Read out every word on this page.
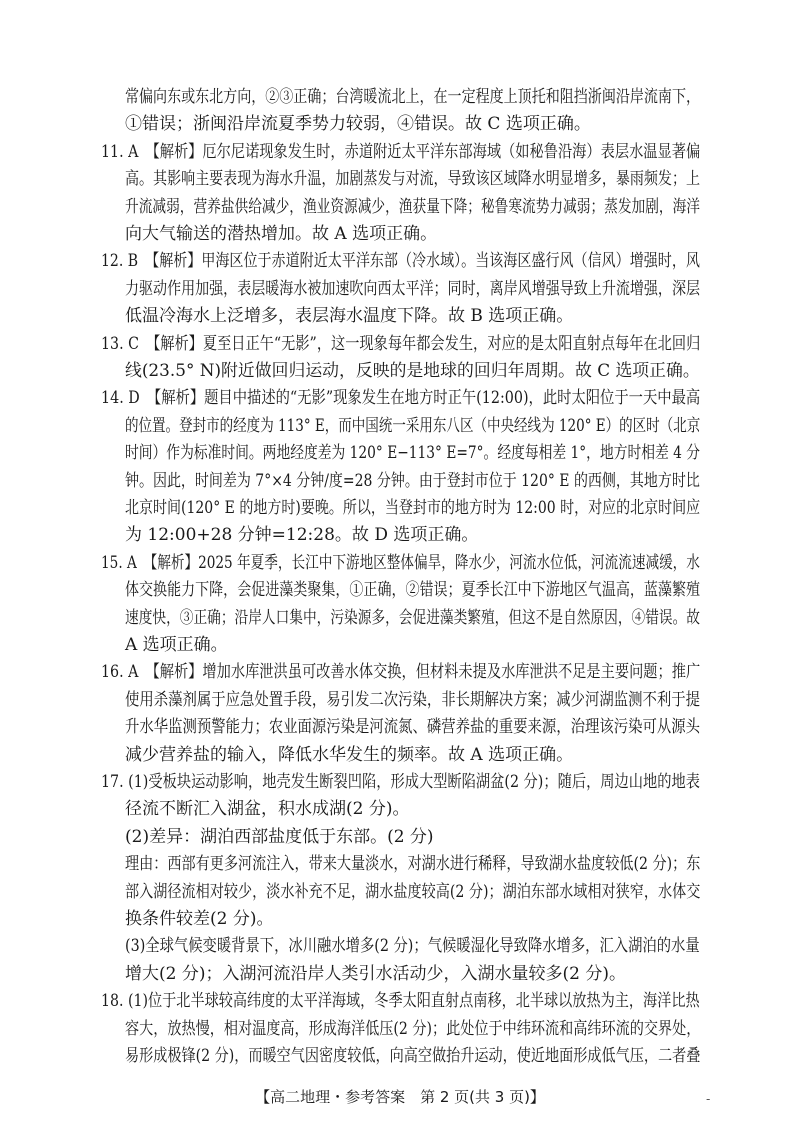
常偏向东或东北方向，②③正确；台湾暖流北上，在一定程度上顶托和阻挡浙闽沿岸流南下，
①错误；浙闽沿岸流夏季势力较弱，④错误。故 C 选项正确。
11. A　【解析】厄尔尼诺现象发生时，赤道附近太平洋东部海域（如秘鲁沿海）表层水温显著偏
高。其影响主要表现为海水升温，加剧蒸发与对流，导致该区域降水明显增多，暴雨频发；上
升流减弱，营养盐供给减少，渔业资源减少，渔获量下降；秘鲁寒流势力减弱；蒸发加剧，海洋
向大气输送的潜热增加。故 A 选项正确。
12. B　【解析】甲海区位于赤道附近太平洋东部（冷水域）。当该海区盛行风（信风）增强时，风
力驱动作用加强，表层暖海水被加速吹向西太平洋；同时，离岸风增强导致上升流增强，深层
低温冷海水上泛增多，表层海水温度下降。故 B 选项正确。
13. C　【解析】夏至日正午“无影”，这一现象每年都会发生，对应的是太阳直射点每年在北回归
线(23.5° N)附近做回归运动，反映的是地球的回归年周期。故 C 选项正确。
14. D　【解析】题目中描述的“无影”现象发生在地方时正午(12:00)，此时太阳位于一天中最高
的位置。登封市的经度为 113° E，而中国统一采用东八区（中央经线为 120° E）的区时（北京
时间）作为标准时间。两地经度差为 120° E−113° E=7°。经度每相差 1°，地方时相差 4 分
钟。因此，时间差为 7°×4 分钟/度=28 分钟。由于登封市位于 120° E 的西侧，其地方时比
北京时间(120° E 的地方时)要晚。所以，当登封市的地方时为 12:00 时，对应的北京时间应
为 12:00+28 分钟=12:28。故 D 选项正确。
15. A　【解析】2025 年夏季，长江中下游地区整体偏旱，降水少，河流水位低，河流流速减缓，水
体交换能力下降，会促进藻类聚集，①正确，②错误；夏季长江中下游地区气温高，蓝藻繁殖
速度快，③正确；沿岸人口集中，污染源多，会促进藻类繁殖，但这不是自然原因，④错误。故
A 选项正确。
16. A　【解析】增加水库泄洪虽可改善水体交换，但材料未提及水库泄洪不足是主要问题；推广
使用杀藻剂属于应急处置手段，易引发二次污染，非长期解决方案；减少河湖监测不利于提
升水华监测预警能力；农业面源污染是河流氮、磷营养盐的重要来源，治理该污染可从源头
减少营养盐的输入，降低水华发生的频率。故 A 选项正确。
17. (1)受板块运动影响，地壳发生断裂凹陷，形成大型断陷湖盆(2 分)；随后，周边山地的地表
径流不断汇入湖盆，积水成湖(2 分)。
(2)差异：湖泊西部盐度低于东部。(2 分)
理由：西部有更多河流注入，带来大量淡水，对湖水进行稀释，导致湖水盐度较低(2 分)；东
部入湖径流相对较少，淡水补充不足，湖水盐度较高(2 分)；湖泊东部水域相对狭窄，水体交
换条件较差(2 分)。
(3)全球气候变暖背景下，冰川融水增多(2 分)；气候暖湿化导致降水增多，汇入湖泊的水量
增大(2 分)；入湖河流沿岸人类引水活动少，入湖水量较多(2 分)。
18. (1)位于北半球较高纬度的太平洋海域，冬季太阳直射点南移，北半球以放热为主，海洋比热
容大，放热慢，相对温度高，形成海洋低压(2 分)；此处位于中纬环流和高纬环流的交界处，
易形成极锋(2 分)，而暖空气因密度较低，向高空做抬升运动，使近地面形成低气压，二者叠
【高二地理・参考答案　第 2 页(共 3 页)】	-
